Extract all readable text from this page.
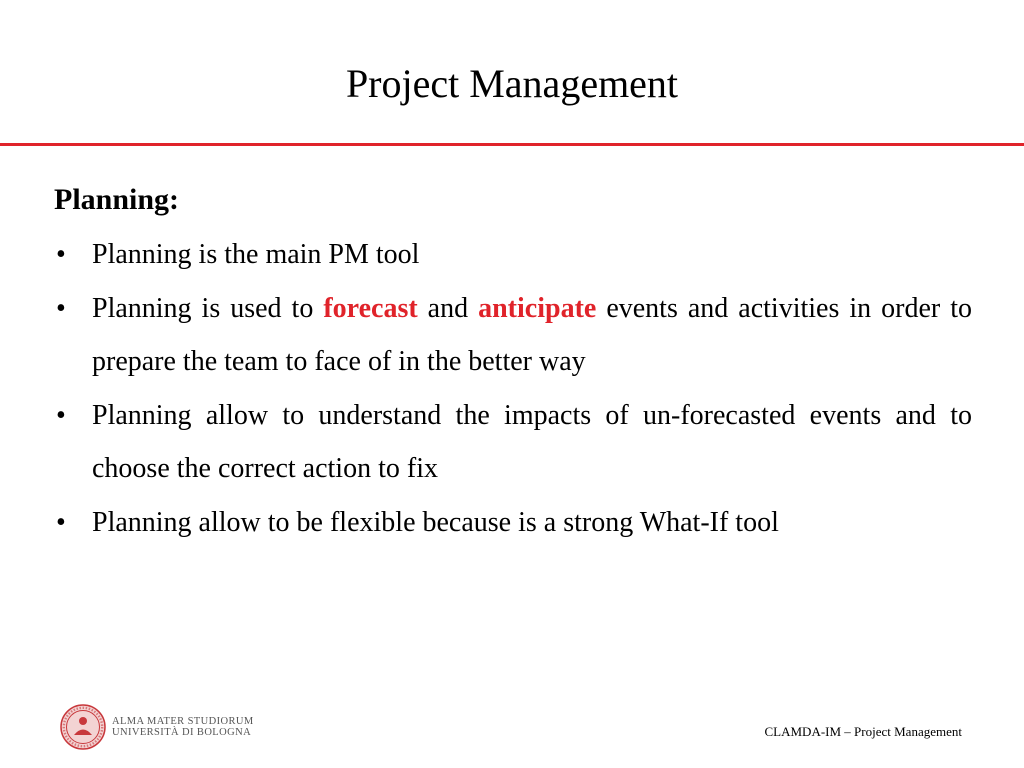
Project Management
Planning:
• Planning is the main PM tool
• Planning is used to forecast and anticipate events and activities in order to prepare the team to face of in the better way
• Planning allow to understand the impacts of un-forecasted events and to choose the correct action to fix
• Planning allow to be flexible because is a strong What-If tool
ALMA MATER STUDIORUM
UNIVERSITÀ DI BOLOGNA	CLAMDA-IM – Project Management
